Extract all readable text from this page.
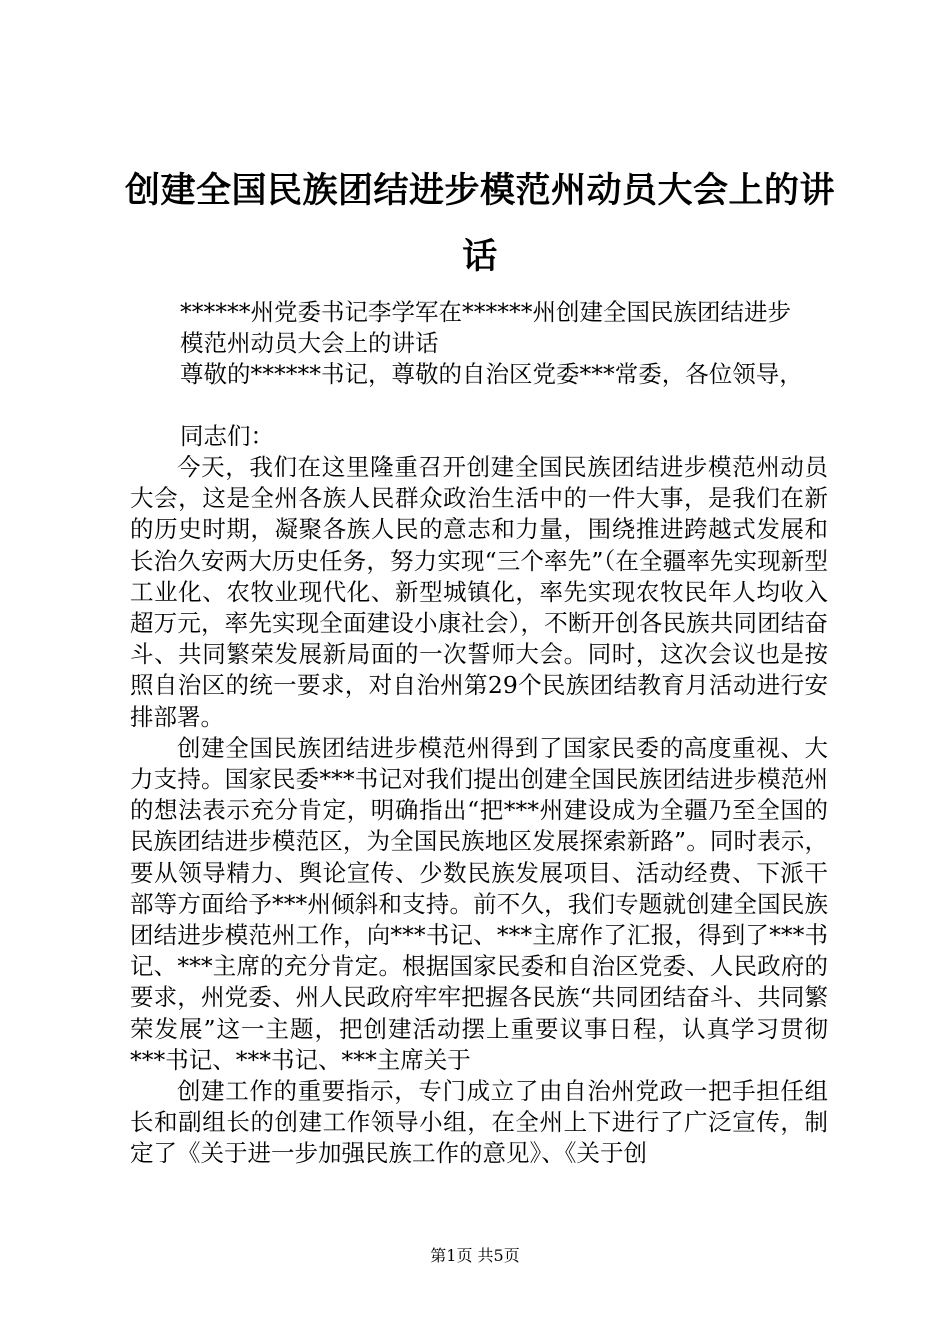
创建全国民族团结进步模范州动员大会上的讲话

******州党委书记李学军在******州创建全国民族团结进步模范州动员大会上的讲话

尊敬的******书记，尊敬的自治区党委***常委，各位领导，

同志们：

今天，我们在这里隆重召开创建全国民族团结进步模范州动员大会，这是全州各族人民群众政治生活中的一件大事，是我们在新的历史时期，凝聚各族人民的意志和力量，围绕推进跨越式发展和长治久安两大历史任务，努力实现“三个率先”（在全疆率先实现新型工业化、农牧业现代化、新型城镇化，率先实现农牧民年人均收入超万元，率先实现全面建设小康社会），不断开创各民族共同团结奋斗、共同繁荣发展新局面的一次誓师大会。同时，这次会议也是按照自治区的统一要求，对自治州第29个民族团结教育月活动进行安排部署。

创建全国民族团结进步模范州得到了国家民委的高度重视、大力支持。国家民委***书记对我们提出创建全国民族团结进步模范州的想法表示充分肯定，明确指出“把***州建设成为全疆乃至全国的民族团结进步模范区，为全国民族地区发展探索新路”。同时表示，要从领导精力、舆论宣传、少数民族发展项目、活动经费、下派干部等方面给予***州倾斜和支持。前不久，我们专题就创建全国民族团结进步模范州工作，向***书记、***主席作了汇报，得到了***书记、***主席的充分肯定。根据国家民委和自治区党委、人民政府的要求，州党委、州人民政府牢牢把握各民族“共同团结奋斗、共同繁荣发展”这一主题，把创建活动摆上重要议事日程，认真学习贯彻***书记、***书记、***主席关于

创建工作的重要指示，专门成立了由自治州党政一把手担任组长和副组长的创建工作领导小组，在全州上下进行了广泛宣传，制定了《关于进一步加强民族工作的意见》、《关于创

第1页 共5页
